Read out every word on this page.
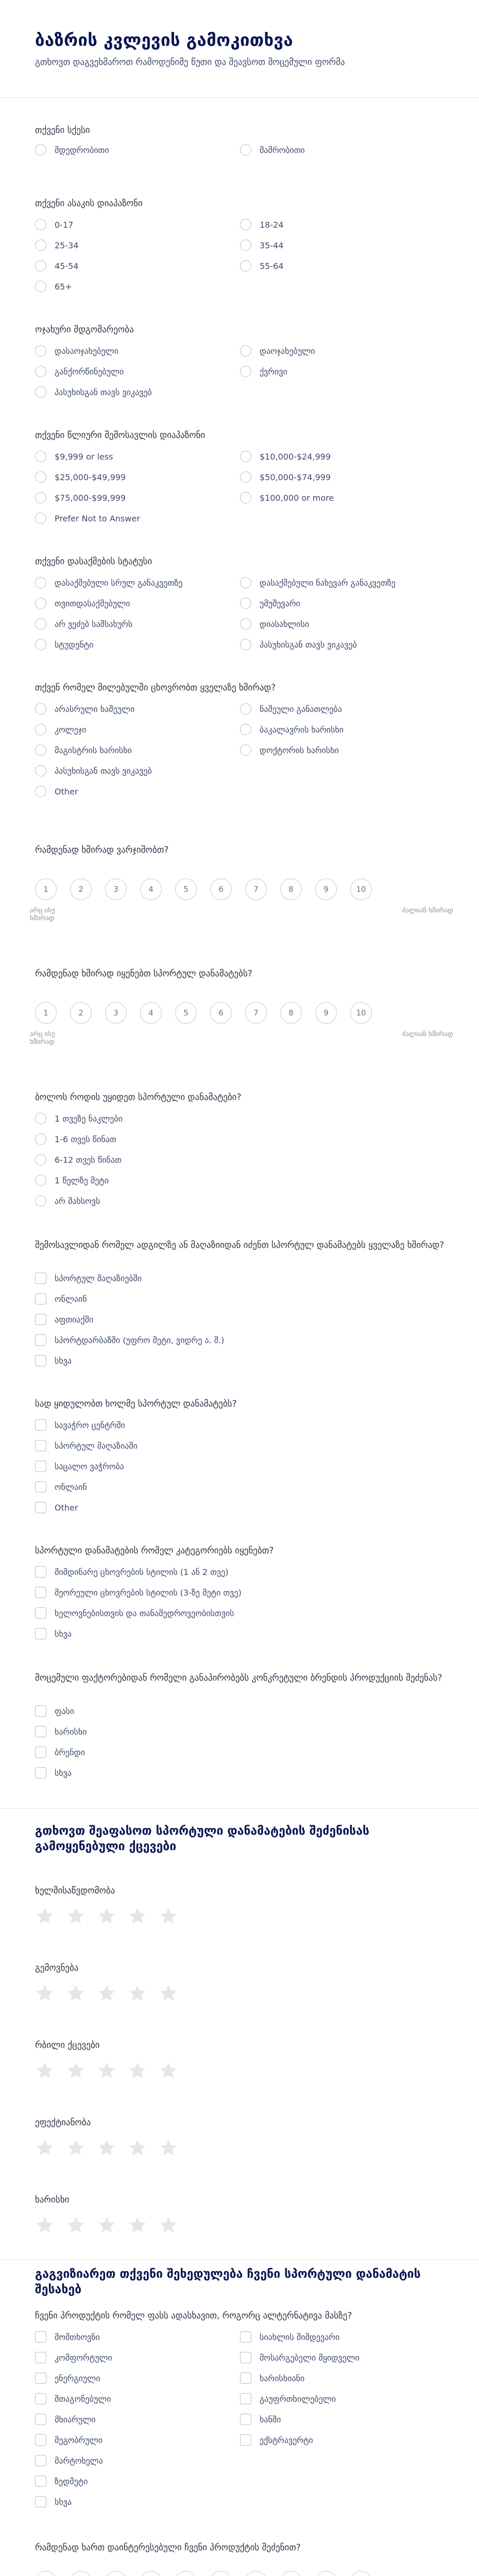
ბაზრის კვლევის გამოკითხვა
გთხოვთ დაგვეხმაროთ რამოდენიმე წუთი და შეავსოთ მოცემული ფორმა
თქვენი სქესი
მდედრობითი	მამრობითი
თქვენი ასაკის დიაპაზონი
0-17	18-24
25-34	35-44
45-54	55-64
65+
ოჯახური მდგომარეობა
დასაოჯახებელი	დაოჯახებული
განქორწინებული	ქვრივი
პასუხისგან თავს ვიკავებ
თქვენი წლიური შემოსავლის დიაპაზონი
$9,999 or less	$10,000-$24,999
$25,000-$49,999	$50,000-$74,999
$75,000-$99,999	$100,000 or more
Prefer Not to Answer
თქვენი დასაქმების სტატუსი
დასაქმებული სრულ განაკვეთზე	დასაქმებული ნახევარ განაკვეთზე
თვითდასაქმებული	უმუშევარი
არ ვეძებ სამსახურს	დიასახლისი
სტუდენტი	პასუხისგან თავს ვიკავებ
თქვენ რომელ მილებულში ცხოვრობთ ყველაზე ხშირად?
არასრული ხაშეული	ნაშეული განათლება
კოლეჯი	ბაკალავრის ხარისხი
მაგისტრის ხარისხი	დოქტორის ხარისხი
პასუხისგან თავს ვიკავებ
Other
რამდენად ხშირად ვარჯიშობთ?
1	2	3	4	5	6	7	8	9	10
არც ისე ხშირად
ძალიან ხშირად
რამდენად ხშირად იყენებთ სპორტულ დანამატებს?
1	2	3	4	5	6	7	8	9	10
არც ისე ხშირად
ძალიან ხშირად
ბოლოს როდის უყიდეთ სპორტული დანამატები?
1 თვეზე ნაკლები
1-6 თვეს წინათ
6-12 თვეს წინათ
1 წელზე მეტი
არ მახსოვს
შემოსავლიდან რომელ ადგილზე ან მაღაზიიდან იძენთ სპორტულ დანამატებს ყველაზე ხშირად?
სპორტულ მაღაზიებში
ონლაინ
აფთიაქში
სპორტდარბაზში (უფრო მეტი, ვიდრე ა. შ.)
სხვა
სად ყიდულობთ ხოლმე სპორტულ დანამატებს?
სავაჭრო ცენტრში
სპორტულ მაღაზიაში
საცალო ვაჭრობა
ონლაინ
Other
სპორტული დანამატების რომელ კატეგორიებს იყენებთ?
მიმდინარე ცხოვრების სტილის (1 ან 2 თვე)
მეორეული ცხოვრების სტილის (3-ზე მეტი თვე)
ხელოვნებისთვის და თანამედროვეობისთვის
სხვა
მოცემული ფაქტორებიდან რომელი განაპირობებს კონკრეტული ბრენდის პროდუქციის შეძენას?
ფასი
ხარისხი
ბრენდი
სხვა
გთხოვთ შეაფასოთ სპორტული დანამატების შეძენისას გამოყენებული ქცევები
ხელმისაწვდომობა
გემოვნება
რბილი ქცევები
ეფექტიანობა
ხარისხი
გაგვიზიარეთ თქვენი შეხედულება ჩვენი სპორტული დანამატის შესახებ
ჩვენი პროდუქტის რომელ ფასს ადასხავით, როგორც ალტერნატივა მასზე?
მომთხოვნი	სიახლის მიმდევარი
კომფორტული	მოსარგებელი მყიდველი
ენერგიული	ხარისხიანი
შთაგონებული	გაუფრთხილებელი
მხიარული	ხანში
მეგობრული	ექსტრავერტი
მარტოხელა
ზედმეტი
სხვა
რამდენად ხართ დაინტერესებული ჩვენი პროდუქტის შეძენით?
